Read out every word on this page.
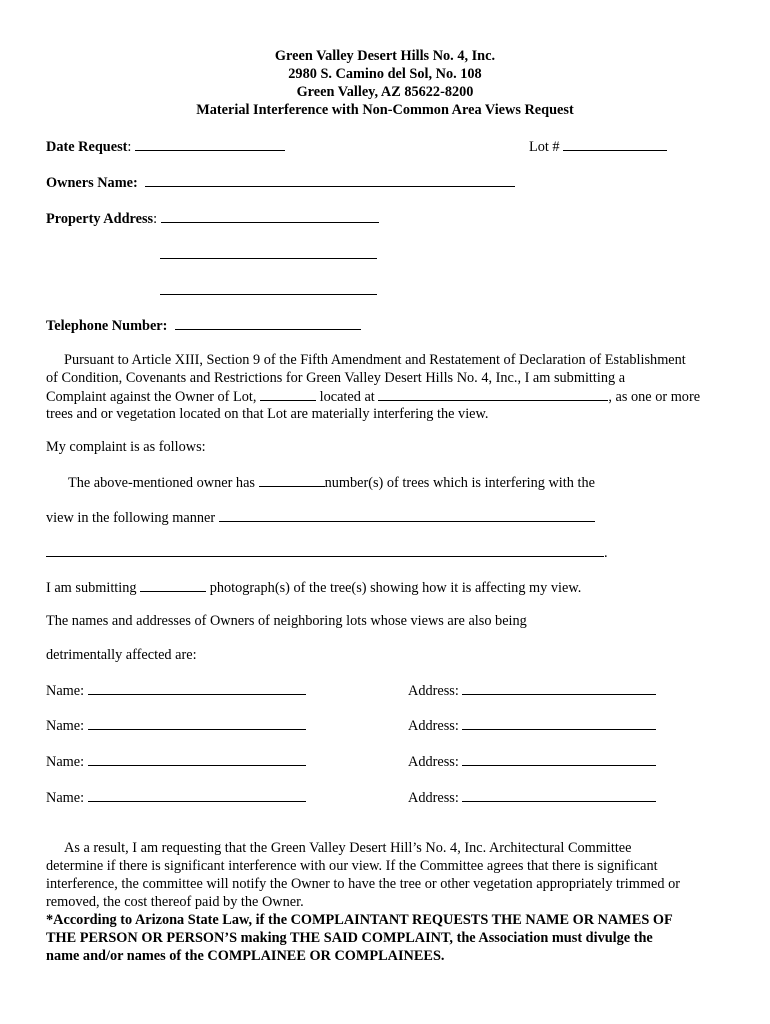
Green Valley Desert Hills No. 4, Inc.
2980 S. Camino del Sol, No. 108
Green Valley, AZ 85622-8200
Material Interference with Non-Common Area Views Request
Date Request:	Lot #
Owners Name:
Property Address:
Telephone Number:
Pursuant to Article XIII, Section 9 of the Fifth Amendment and Restatement of Declaration of Establishment
of Condition, Covenants and Restrictions for Green Valley Desert Hills No. 4, Inc., I am submitting a
Complaint against the Owner of Lot,	located at	, as one or more
trees and or vegetation located on that Lot are materially interfering the view.
My complaint is as follows:
The above-mentioned owner has	number(s) of trees which is interfering with the
view in the following manner
.
I am submitting	photograph(s) of the tree(s) showing how it is affecting my view.
The names and addresses of Owners of neighboring lots whose views are also being
detrimentally affected are:
Name:	Address:
Name:	Address:
Name:	Address:
Name:	Address:
As a result, I am requesting that the Green Valley Desert Hill’s No. 4, Inc. Architectural Committee
determine if there is significant interference with our view. If the Committee agrees that there is significant
interference, the committee will notify the Owner to have the tree or other vegetation appropriately trimmed or
removed, the cost thereof paid by the Owner.
*According to Arizona State Law, if the COMPLAINTANT REQUESTS THE NAME OR NAMES OF
THE PERSON OR PERSON’S making THE SAID COMPLAINT, the Association must divulge the
name and/or names of the COMPLAINEE OR COMPLAINEES.
